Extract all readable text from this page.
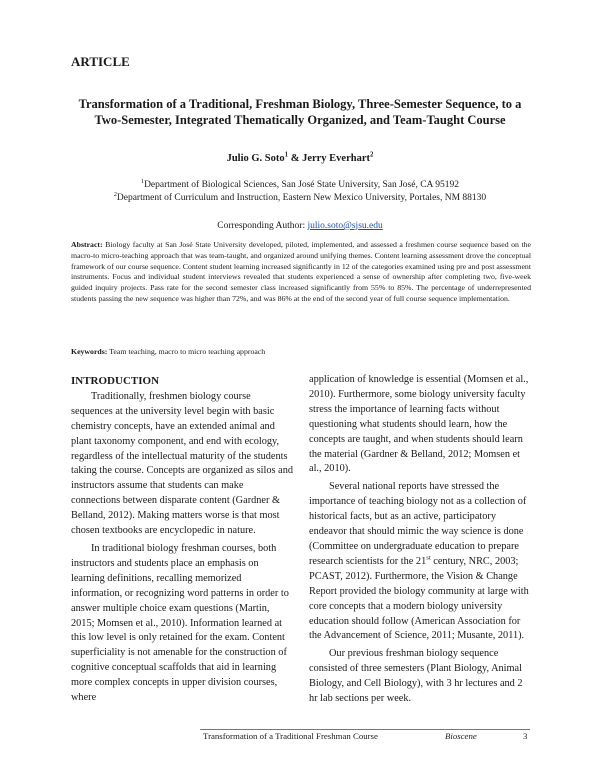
ARTICLE
Transformation of a Traditional, Freshman Biology, Three-Semester Sequence, to a Two-Semester, Integrated Thematically Organized, and Team-Taught Course
Julio G. Soto$^1$ & Jerry Everhart$^2$
$^1$Department of Biological Sciences, San José State University, San José, CA 95192
$^2$Department of Curriculum and Instruction, Eastern New Mexico University, Portales, NM 88130
Corresponding Author: julio.soto@sjsu.edu

Abstract: Biology faculty at San José State University developed, piloted, implemented, and assessed a freshmen course sequence based on the macro-to micro-teaching approach that was team-taught, and organized around unifying themes. Content learning assessment drove the conceptual framework of our course sequence. Content student learning increased significantly in 12 of the categories examined using pre and post assessment instruments. Focus and individual student interviews revealed that students experienced a sense of ownership after completing two, five-week guided inquiry projects. Pass rate for the second semester class increased significantly from 55% to 85%. The percentage of underrepresented students passing the new sequence was higher than 72%, and was 86% at the end of the second year of full course sequence implementation.

Keywords: Team teaching, macro to micro teaching approach

INTRODUCTION

Traditionally, freshmen biology course sequences at the university level begin with basic chemistry concepts, have an extended animal and plant taxonomy component, and end with ecology, regardless of the intellectual maturity of the students taking the course. Concepts are organized as silos and instructors assume that students can make connections between disparate content (Gardner & Belland, 2012). Making matters worse is that most chosen textbooks are encyclopedic in nature.

In traditional biology freshman courses, both instructors and students place an emphasis on learning definitions, recalling memorized information, or recognizing word patterns in order to answer multiple choice exam questions (Martin, 2015; Momsen et al., 2010). Information learned at this low level is only retained for the exam. Content superficiality is not amenable for the construction of cognitive conceptual scaffolds that aid in learning more complex concepts in upper division courses, where

application of knowledge is essential (Momsen et al., 2010). Furthermore, some biology university faculty stress the importance of learning facts without questioning what students should learn, how the concepts are taught, and when students should learn the material (Gardner & Belland, 2012; Momsen et al., 2010).

Several national reports have stressed the importance of teaching biology not as a collection of historical facts, but as an active, participatory endeavor that should mimic the way science is done (Committee on undergraduate education to prepare research scientists for the 21st century, NRC, 2003; PCAST, 2012). Furthermore, the Vision & Change Report provided the biology community at large with core concepts that a modern biology university education should follow (American Association for the Advancement of Science, 2011; Musante, 2011).

Our previous freshman biology sequence consisted of three semesters (Plant Biology, Animal Biology, and Cell Biology), with 3 hr lectures and 2 hr lab sections per week.

Transformation of a Traditional Freshman Course	Bioscene	3
